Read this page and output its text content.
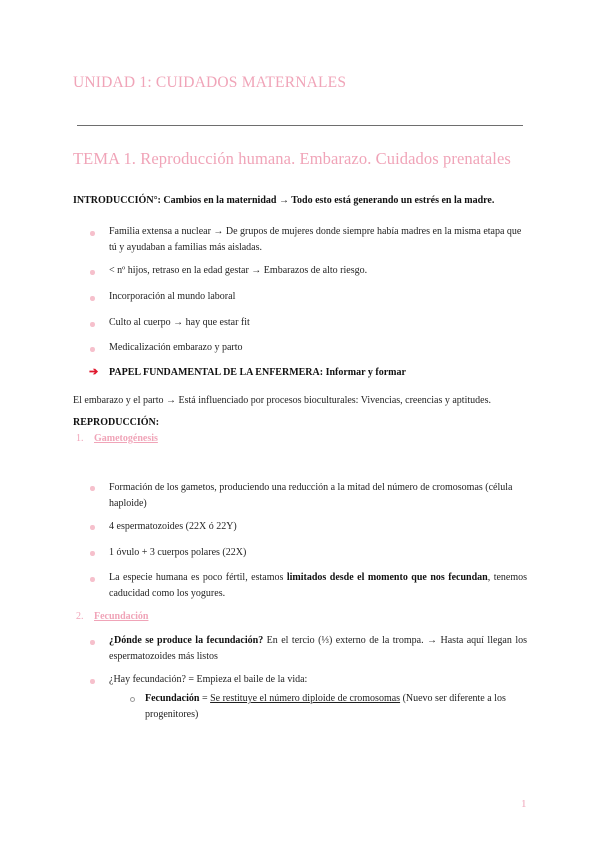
UNIDAD 1: CUIDADOS MATERNALES
TEMA 1. Reproducción humana. Embarazo. Cuidados prenatales
INTRODUCCIÓN°: Cambios en la maternidad → Todo esto está generando un estrés en la madre.
Familia extensa a nuclear → De grupos de mujeres donde siempre había madres en la misma etapa que tú y ayudaban a familias más aisladas.
< nº hijos, retraso en la edad gestar → Embarazos de alto riesgo.
Incorporación al mundo laboral
Culto al cuerpo → hay que estar fit
Medicalización embarazo y parto
➔ PAPEL FUNDAMENTAL DE LA ENFERMERA: Informar y formar
El embarazo y el parto → Está influenciado por procesos bioculturales: Vivencias, creencias y aptitudes.
REPRODUCCIÓN:
1. Gametogénesis
Formación de los gametos, produciendo una reducción a la mitad del número de cromosomas (célula haploide)
4 espermatozoides (22X ó 22Y)
1 óvulo + 3 cuerpos polares (22X)
La especie humana es poco fértil, estamos limitados desde el momento que nos fecundan, tenemos caducidad como los yogures.
2. Fecundación
¿Dónde se produce la fecundación? En el tercio (⅓) externo de la trompa. → Hasta aquí llegan los espermatozoides más listos
¿Hay fecundación? = Empieza el baile de la vida:
Fecundación = Se restituye el número diploide de cromosomas (Nuevo ser diferente a los progenitores)
1
